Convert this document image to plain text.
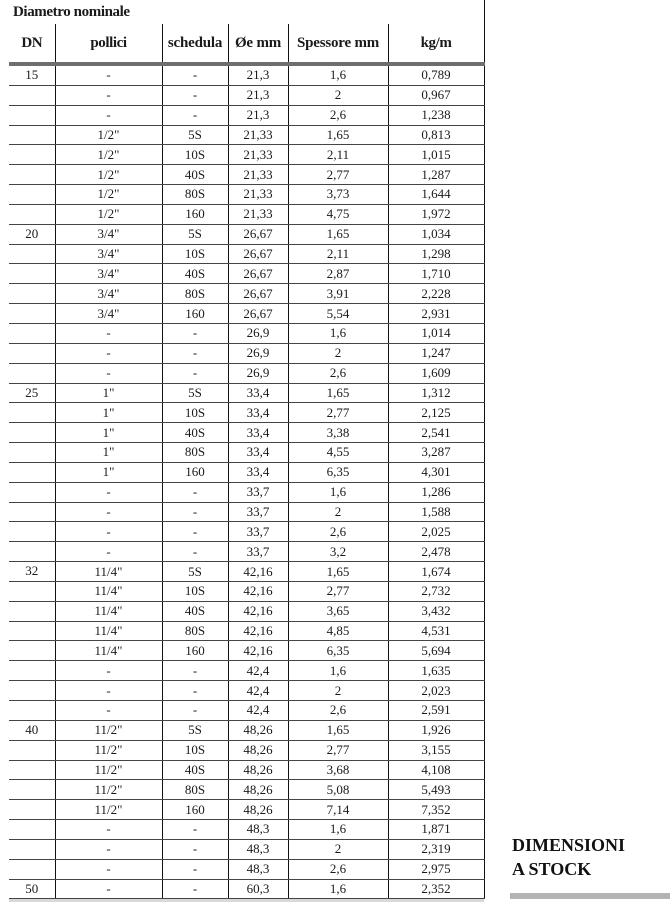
Diametro nominale					
DN	pollici	schedula	Øe mm	Spessore mm	kg/m
15	-	-	21,3	1,6	0,789
	-	-	21,3	2	0,967
	-	-	21,3	2,6	1,238
	1/2"	5S	21,33	1,65	0,813
	1/2"	10S	21,33	2,11	1,015
	1/2"	40S	21,33	2,77	1,287
	1/2"	80S	21,33	3,73	1,644
	1/2"	160	21,33	4,75	1,972
20	3/4"	5S	26,67	1,65	1,034
	3/4"	10S	26,67	2,11	1,298
	3/4"	40S	26,67	2,87	1,710
	3/4"	80S	26,67	3,91	2,228
	3/4"	160	26,67	5,54	2,931
	-	-	26,9	1,6	1,014
	-	-	26,9	2	1,247
	-	-	26,9	2,6	1,609
25	1"	5S	33,4	1,65	1,312
	1"	10S	33,4	2,77	2,125
	1"	40S	33,4	3,38	2,541
	1"	80S	33,4	4,55	3,287
	1"	160	33,4	6,35	4,301
	-	-	33,7	1,6	1,286
	-	-	33,7	2	1,588
	-	-	33,7	2,6	2,025
	-	-	33,7	3,2	2,478
32	11/4"	5S	42,16	1,65	1,674
	11/4"	10S	42,16	2,77	2,732
	11/4"	40S	42,16	3,65	3,432
	11/4"	80S	42,16	4,85	4,531
	11/4"	160	42,16	6,35	5,694
	-	-	42,4	1,6	1,635
	-	-	42,4	2	2,023
	-	-	42,4	2,6	2,591
40	11/2"	5S	48,26	1,65	1,926
	11/2"	10S	48,26	2,77	3,155
	11/2"	40S	48,26	3,68	4,108
	11/2"	80S	48,26	5,08	5,493
	11/2"	160	48,26	7,14	7,352
	-	-	48,3	1,6	1,871
	-	-	48,3	2	2,319
	-	-	48,3	2,6	2,975
50	-	-	60,3	1,6	2,352
DIMENSIONI
A STOCK
